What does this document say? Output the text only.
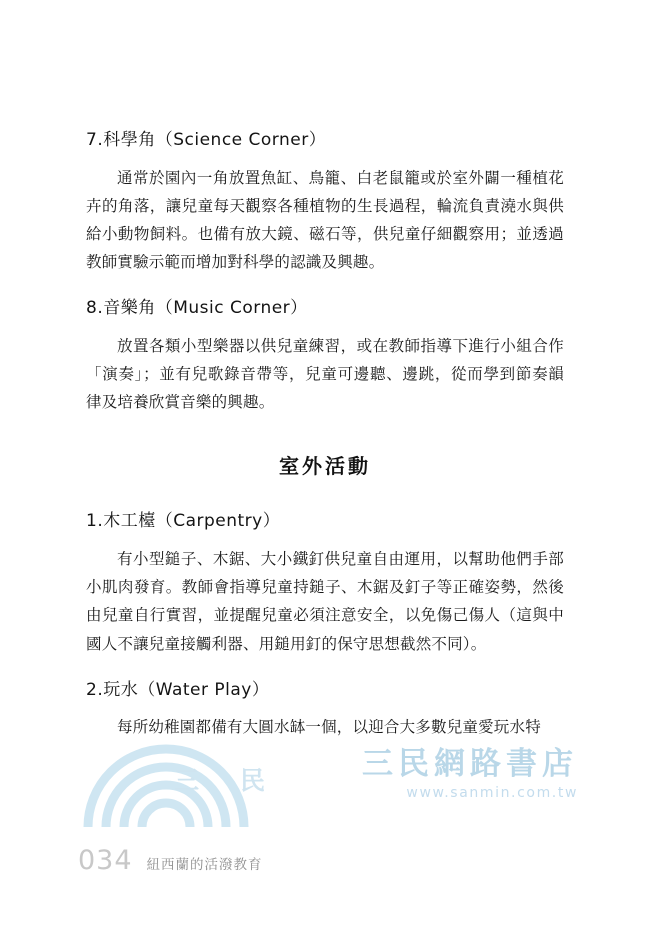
7.科學角（Science Corner）

通常於園內一角放置魚缸、鳥籠、白老鼠籠或於室外闢一種植花卉的角落，讓兒童每天觀察各種植物的生長過程，輪流負責澆水與供給小動物飼料。也備有放大鏡、磁石等，供兒童仔細觀察用；並透過教師實驗示範而增加對科學的認識及興趣。

8.音樂角（Music Corner）

放置各類小型樂器以供兒童練習，或在教師指導下進行小組合作「演奏」；並有兒歌錄音帶等，兒童可邊聽、邊跳，從而學到節奏韻律及培養欣賞音樂的興趣。

室外活動
1.木工檯（Carpentry）

有小型鎚子、木鋸、大小鐵釘供兒童自由運用，以幫助他們手部小肌肉發育。教師會指導兒童持鎚子、木鋸及釘子等正確姿勢，然後由兒童自行實習，並提醒兒童必須注意安全，以免傷己傷人（這與中國人不讓兒童接觸利器、用鎚用釘的保守思想截然不同）。

2.玩水（Water Play）

每所幼稚園都備有大圓水缽一個，以迎合大多數兒童愛玩水特

三　民	三民網路書店
www.sanmin.com.tw
034 紐西蘭的活潑教育
